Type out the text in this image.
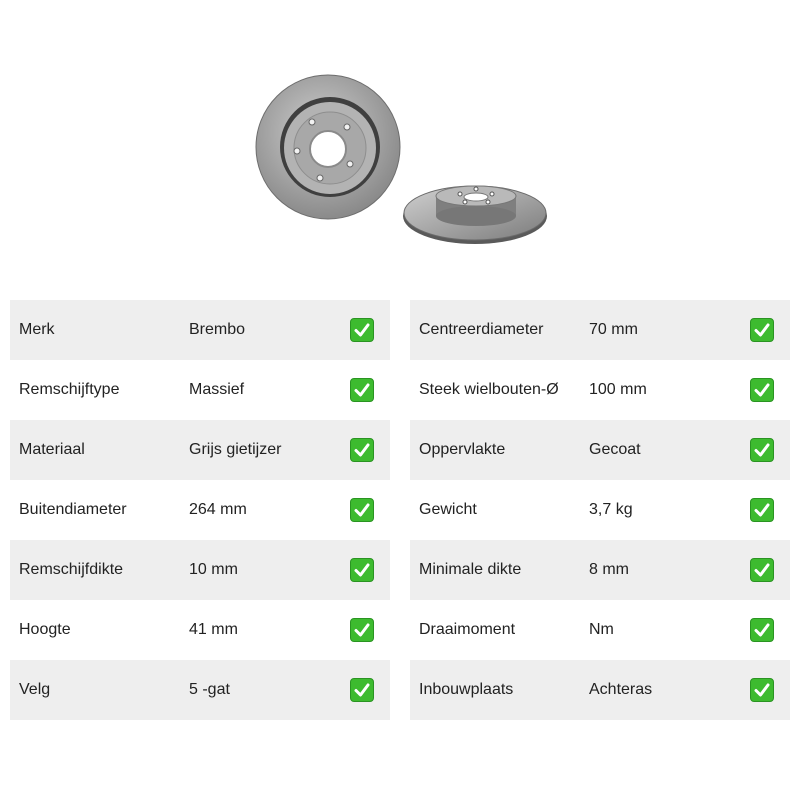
Merk	Brembo
Remschijftype	Massief
Materiaal	Grijs gietijzer
Buitendiameter	264 mm
Remschijfdikte	10 mm
Hoogte	41 mm
Velg	5 -gat
Centreerdiameter	70 mm
Steek wielbouten-Ø 100 mm
Oppervlakte	Gecoat
Gewicht	3,7 kg
Minimale dikte	8 mm
Draaimoment	Nm
Inbouwplaats	Achteras
